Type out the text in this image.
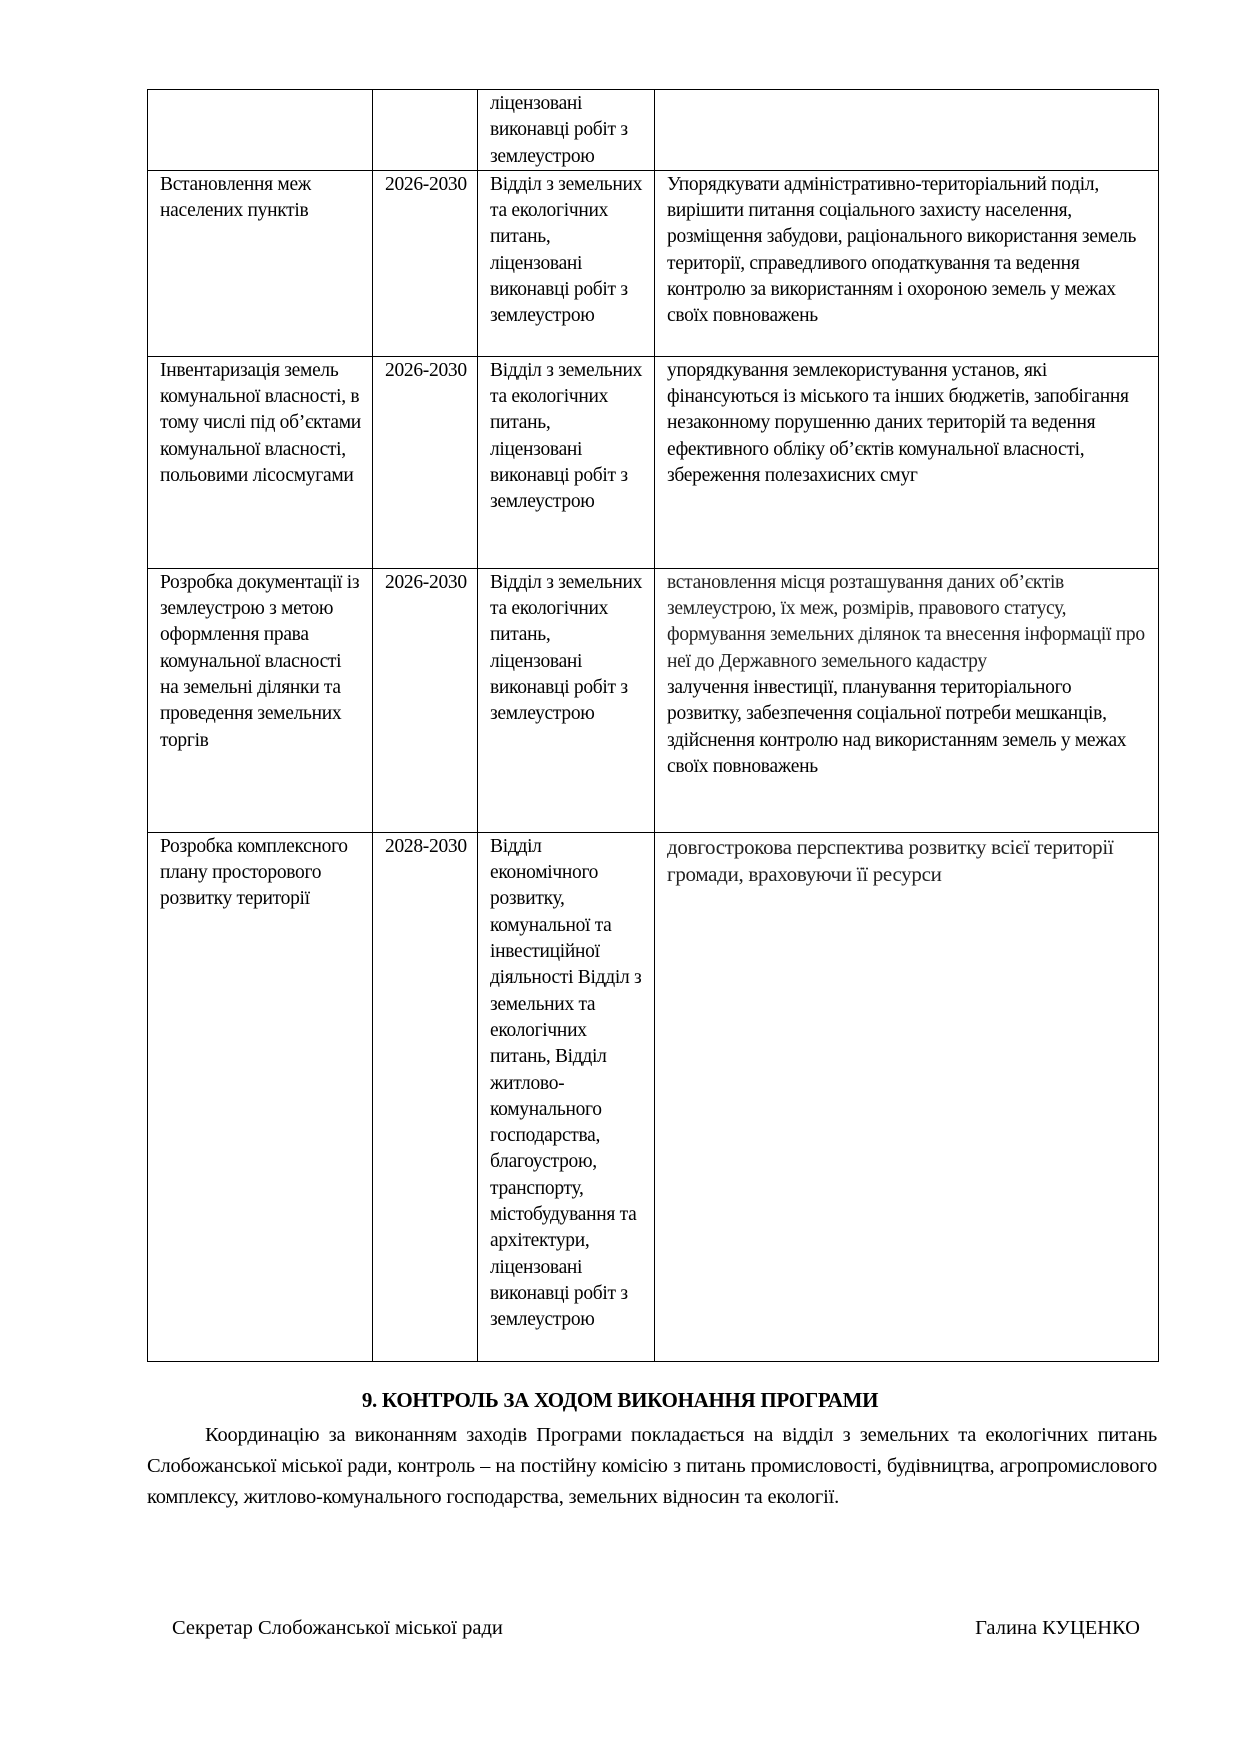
		ліцензовані виконавці робіт з землеустрою	
Встановлення меж населених пунктів	2026-2030	Відділ з земельних та екологічних питань, ліцензовані виконавці робіт з землеустрою	Упорядкувати адміністративно-територіальний поділ, вирішити питання соціального захисту населення, розміщення забудови, раціонального використання земель території, справедливого оподаткування та ведення контролю за використанням і охороною земель у межах своїх повноважень
Інвентаризація земель комунальної власності, в тому числі під об’єктами комунальної власності, польовими лісосмугами	2026-2030	Відділ з земельних та екологічних питань, ліцензовані виконавці робіт з землеустрою	упорядкування землекористування установ, які фінансуються із міського та інших бюджетів, запобігання незаконному порушенню даних територій та ведення ефективного обліку об’єктів комунальної власності, збереження полезахисних смуг
Розробка документації із землеустрою з метою оформлення права комунальної власності на земельні ділянки та проведення земельних торгів	2026-2030	Відділ з земельних та екологічних питань, ліцензовані виконавці робіт з землеустрою	встановлення місця розташування даних об’єктів землеустрою, їх меж, розмірів, правового статусу, формування земельних ділянок та внесення інформації про неї до Державного земельного кадастру
залучення інвестиції, планування територіального розвитку, забезпечення соціальної потреби мешканців, здійснення контролю над використанням земель у межах своїх повноважень

Розробка комплексного плану просторового розвитку території	2028-2030	Відділ економічного розвитку, комунальної та інвестиційної діяльності Відділ з земельних та екологічних питань, Відділ житлово-комунального господарства, благоустрою, транспорту, містобудування та архітектури, ліцензовані виконавці робіт з землеустрою	довгострокова перспектива розвитку всієї території громади, враховуючи її ресурси
9. КОНТРОЛЬ ЗА ХОДОМ ВИКОНАННЯ ПРОГРАМИ
Координацію за виконанням заходів Програми покладається на відділ з земельних та екологічних питань Слобожанської міської ради, контроль – на постійну комісію з питань промисловості, будівництва, агропромислового комплексу, житлово-комунального господарства, земельних відносин та екології.
Секретар Слобожанської міської ради	Галина КУЦЕНКО
